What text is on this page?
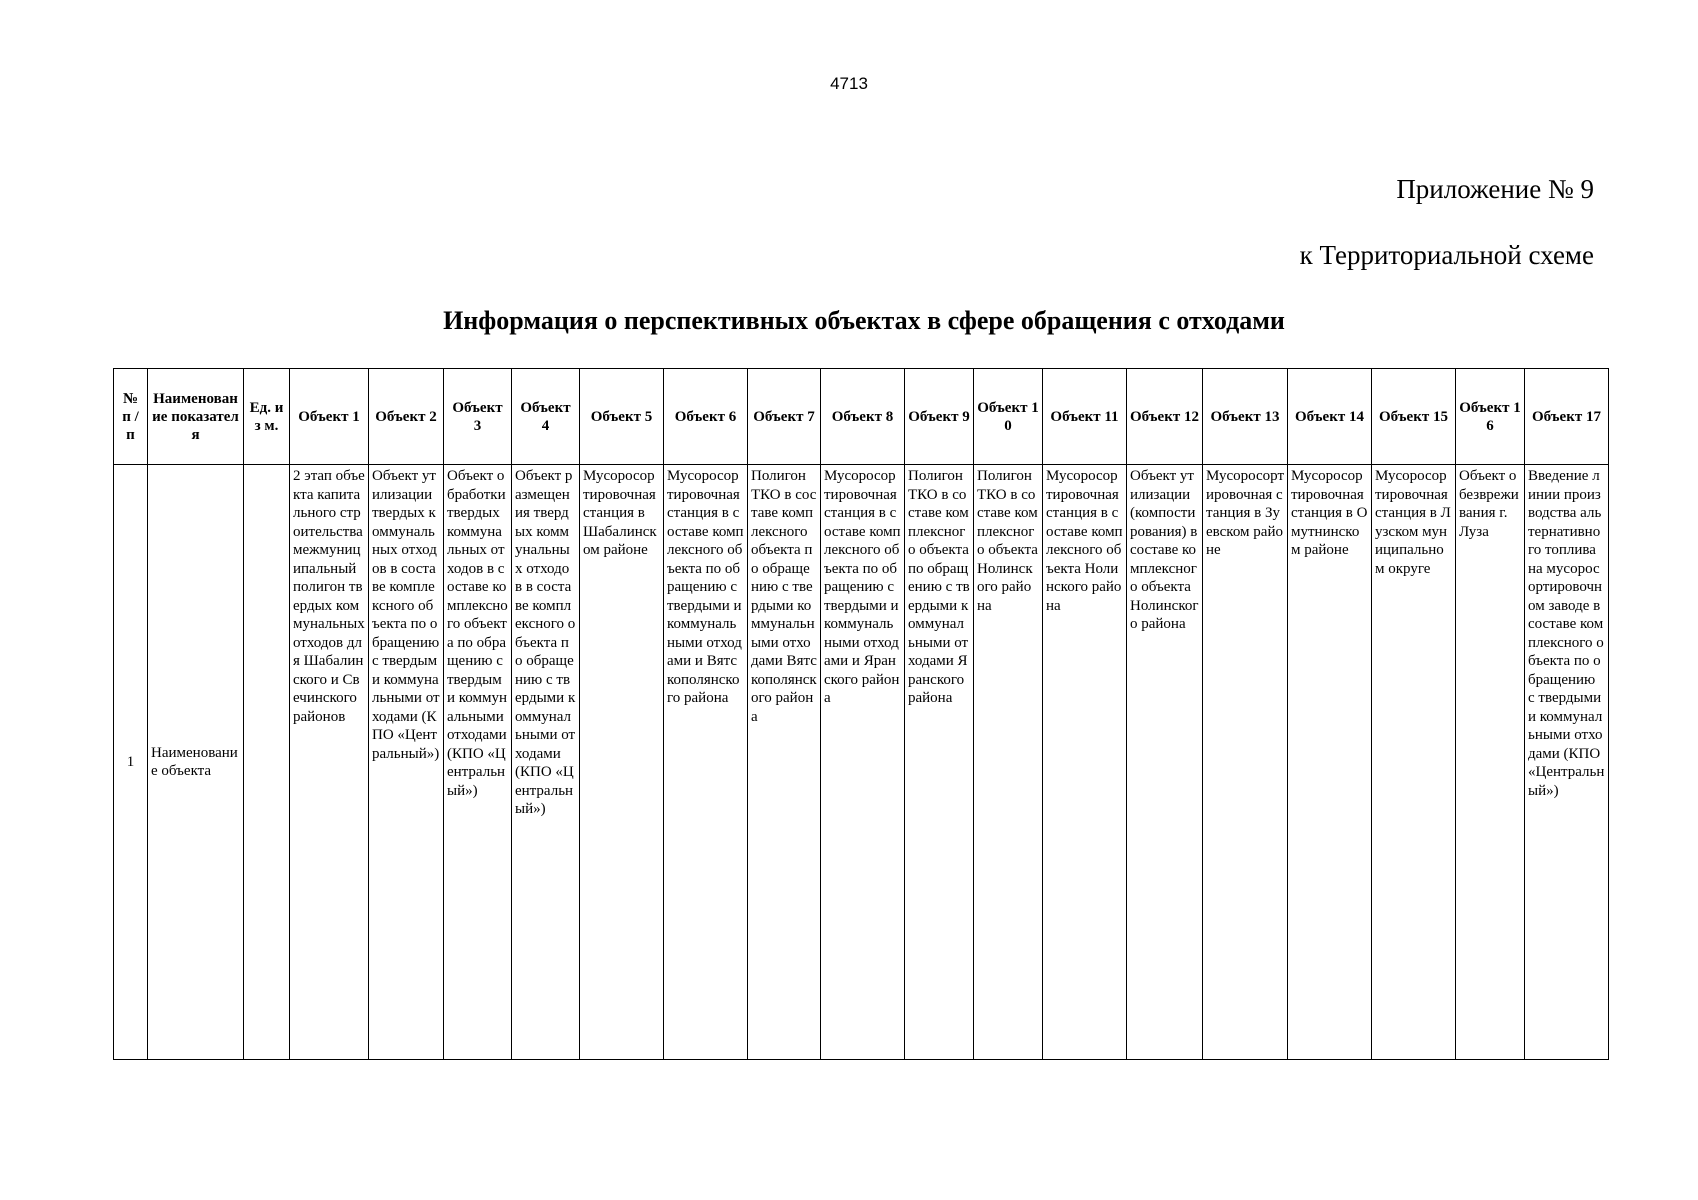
4713
Приложение № 9
к Территориальной схеме
Информация о перспективных объектах в сфере обращения с отходами
№ п / п	Наименование показателя	Ед. из м.	Объект 1	Объект 2	Объект 3	Объект 4	Объект 5	Объект 6	Объект 7	Объект 8	Объект 9	Объект 10	Объект 11	Объект 12	Объект 13	Объект 14	Объект 15	Объект 16	Объект 17
1	Наименование объекта		2 этап объекта капитального строительства межмуниципальный полигон твердых коммунальных отходов для Шабалинского и Свечинского районов	Объект утилизации твердых коммунальных отходов в составе комплексного объекта по обращению с твердыми коммунальными отходами (КПО «Центральный»)	Объект обработки твердых коммунальных отходов в составе комплексного объекта по обращению с твердыми коммунальными отходами (КПО «Центральный»)	Объект размещения твердых коммунальных отходов в составе комплексного объекта по обращению с твердыми коммунальными отходами (КПО «Центральный»)	Мусоросортировочная станция в Шабалинском районе	Мусоросортировочная станция в составе комплексного объекта по обращению с твердыми и коммунальными отходами и Вятскополянского района	Полигон ТКО в составе комплексного объекта по обращению с твердыми коммунальными отходами Вятскополянского района	Мусоросортировочная станция в составе комплексного объекта по обращению с твердыми и коммунальными отходами и Яранского района	Полигон ТКО в составе комплексного объекта по обращению с твердыми коммунальными отходами Яранского района	Полигон ТКО в составе комплексного объекта Нолинского района	Мусоросортировочная станция в составе комплексного объекта Нолинского района	Объект утилизации (компостирования) в составе комплексного объекта Нолинского района	Мусоросортировочная станция в Зуевском районе	Мусоросортировочная станция в Омутнинском районе	Мусоросортировочная станция в Лузском муниципальном округе	Объект обезвреживания г. Луза	Введение линии производства альтернативного топлива на мусоросортировочном заводе в составе комплексного объекта по обращению с твердыми и коммунальными отходами (КПО «Центральный»)
